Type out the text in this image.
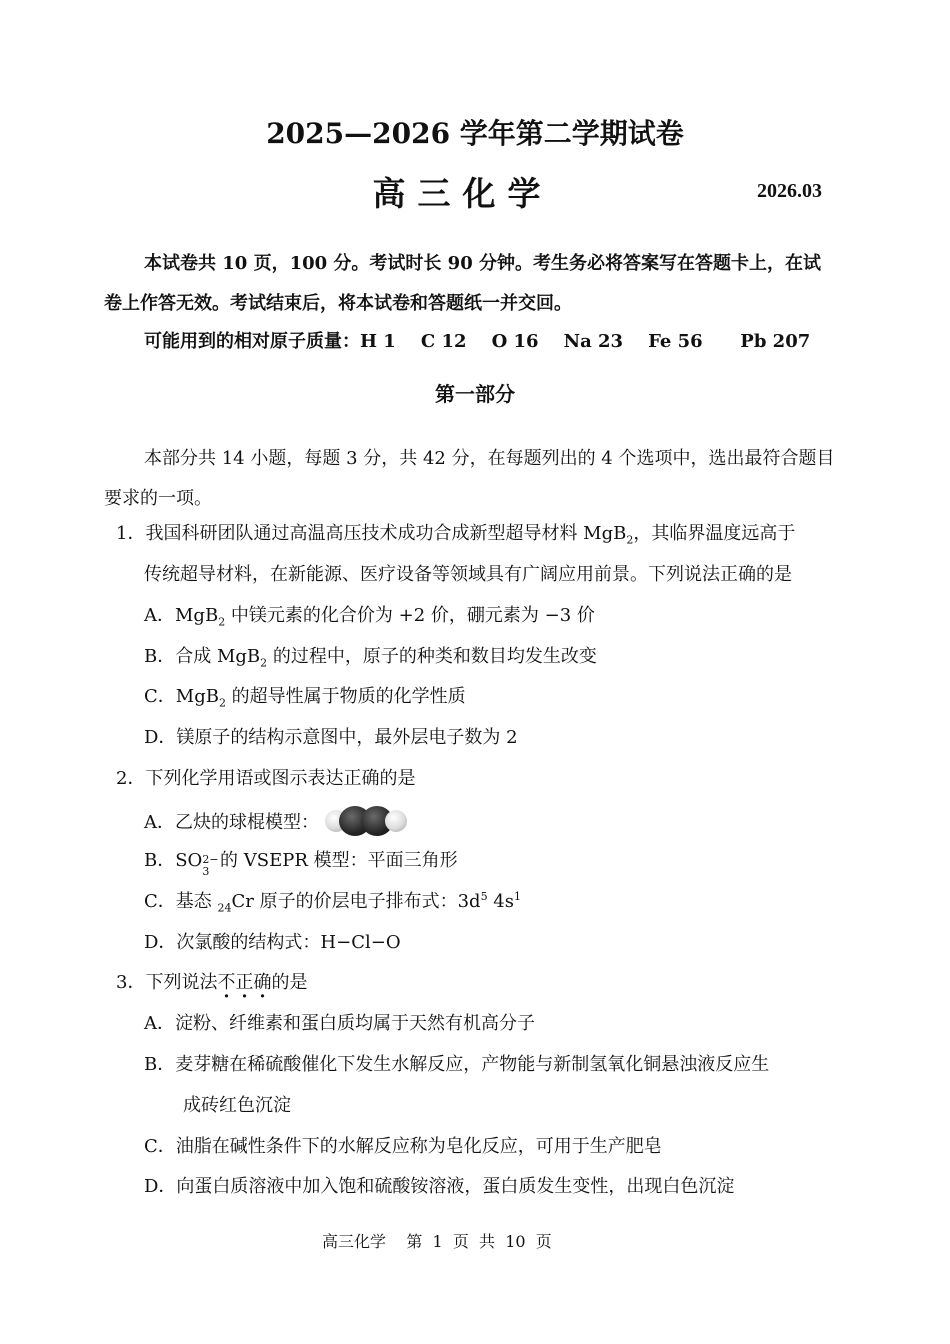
2025—2026 学年第二学期试卷
高三化学	2026.03
本试卷共 10 页，100 分。考试时长 90 分钟。考生务必将答案写在答题卡上，在试
卷上作答无效。考试结束后，将本试卷和答题纸一并交回。
可能用到的相对原子质量：H 1    C 12    O 16    Na 23    Fe 56      Pb 207
第一部分
本部分共 14 小题，每题 3 分，共 42 分，在每题列出的 4 个选项中，选出最符合题目
要求的一项。
1．我国科研团队通过高温高压技术成功合成新型超导材料 MgB$_2$，其临界温度远高于
传统超导材料，在新能源、医疗设备等领域具有广阔应用前景。下列说法正确的是
A．MgB$_2$ 中镁元素的化合价为 +2 价，硼元素为 −3 价
B．合成 MgB$_2$ 的过程中，原子的种类和数目均发生改变
C．MgB$_2$ 的超导性属于物质的化学性质
D．镁原子的结构示意图中，最外层电子数为 2
2．下列化学用语或图示表达正确的是
A．乙炔的球棍模型：
B．SO 2−
3
的 VSEPR 模型：平面三角形
C．基态 $_{24}$Cr 原子的价层电子排布式：$3d^5$ $4s^1$
D．次氯酸的结构式：H−Cl−O
3．下列说法不正确的是
A．淀粉、纤维素和蛋白质均属于天然有机高分子
B．麦芽糖在稀硫酸催化下发生水解反应，产物能与新制氢氧化铜悬浊液反应生
成砖红色沉淀
C．油脂在碱性条件下的水解反应称为皂化反应，可用于生产肥皂
D．向蛋白质溶液中加入饱和硫酸铵溶液，蛋白质发生变性，出现白色沉淀
高三化学    第  1  页  共  10  页
